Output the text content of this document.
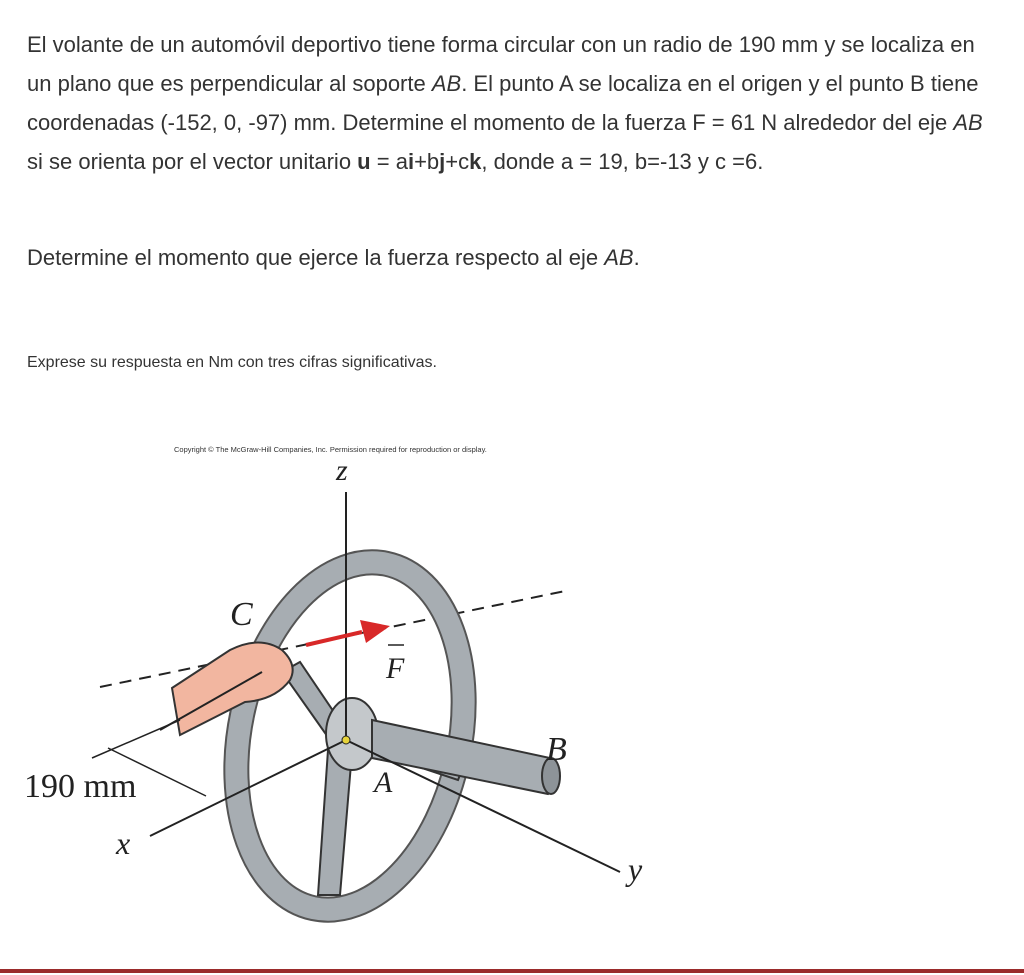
El volante de un automóvil deportivo tiene forma circular con un radio de 190 mm y se localiza en un plano que es perpendicular al soporte AB. El punto A se localiza en el origen y el punto B tiene coordenadas (-152, 0, -97) mm. Determine el momento de la fuerza F = 61 N alrededor del eje AB si se orienta por el vector unitario u = ai+bj+ck, donde a = 19, b=-13 y c =6.

Determine el momento que ejerce la fuerza respecto al eje AB.

Exprese su respuesta en Nm con tres cifras significativas.

Copyright © The McGraw-Hill Companies, Inc. Permission required for reproduction or display.
z
C
F
B
A
190 mm
x
y
